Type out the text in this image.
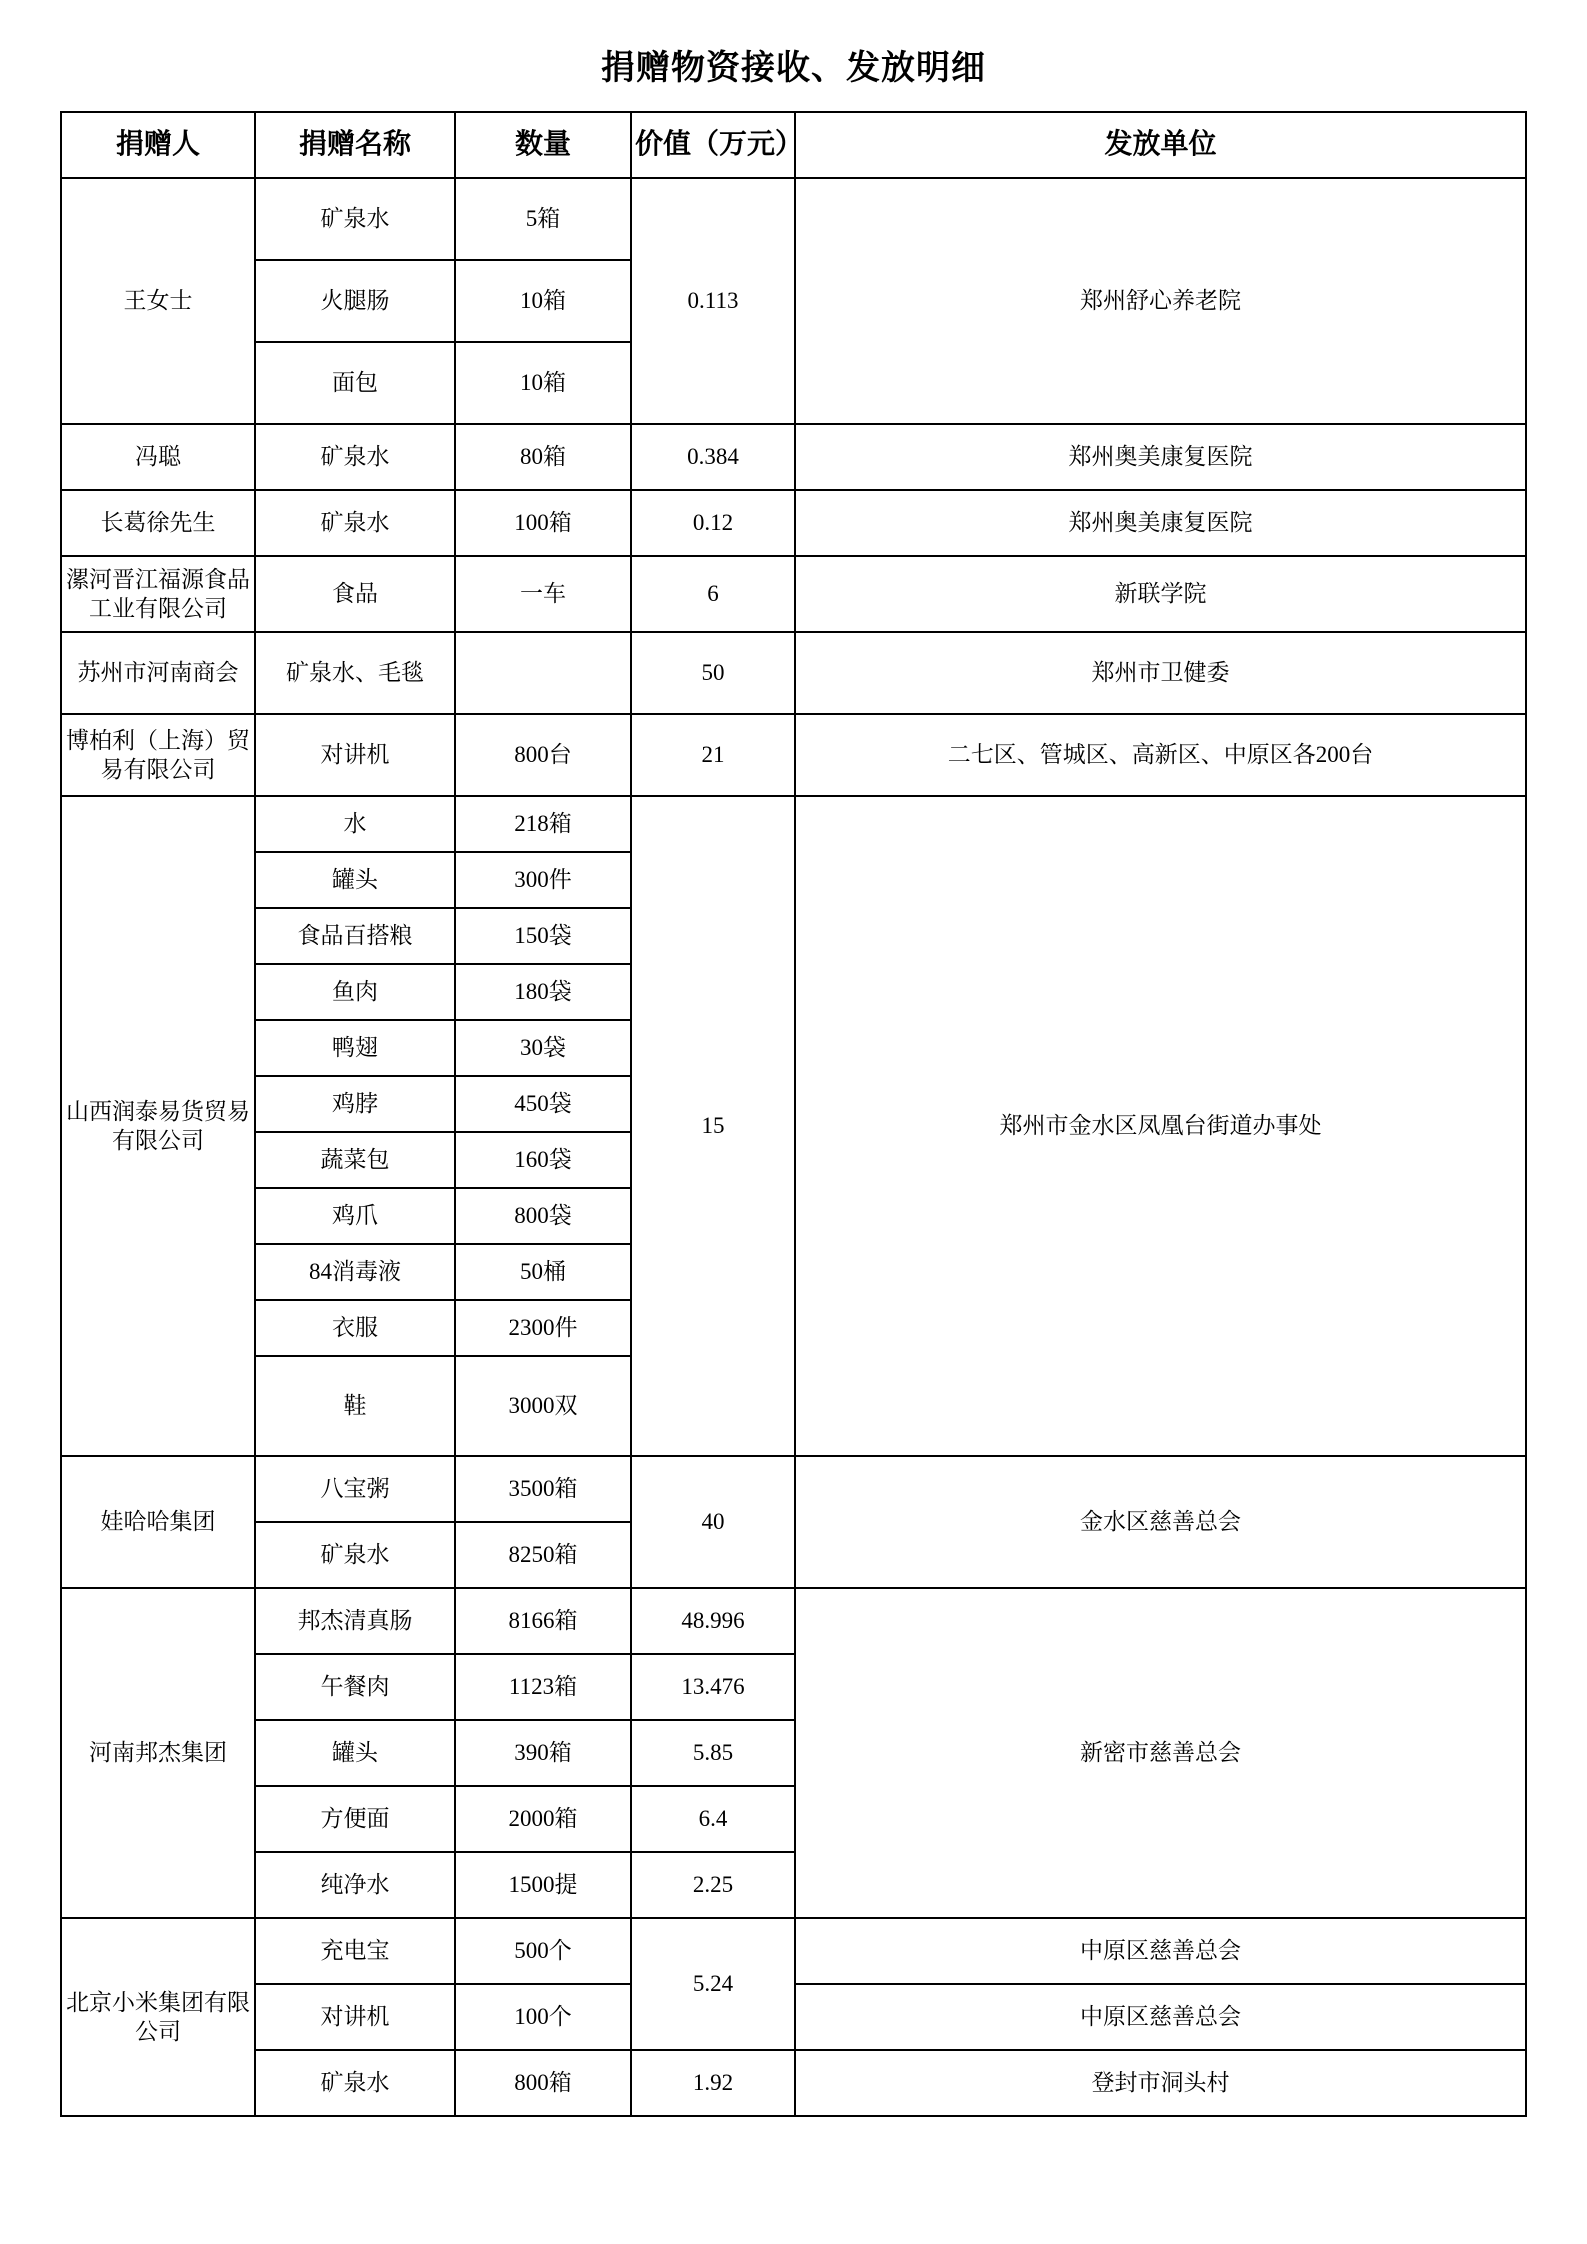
捐赠物资接收、发放明细
捐赠人	捐赠名称	数量	价值（万元）	发放单位
王女士	矿泉水	5箱	0.113	郑州舒心养老院
	火腿肠	10箱		
	面包	10箱		
冯聪	矿泉水	80箱	0.384	郑州奥美康复医院
长葛徐先生	矿泉水	100箱	0.12	郑州奥美康复医院
漯河晋江福源食品工业有限公司	食品	一车	6	新联学院
苏州市河南商会	矿泉水、毛毯		50	郑州市卫健委
博柏利（上海）贸易有限公司	对讲机	800台	21	二七区、管城区、高新区、中原区各200台
山西润泰易货贸易有限公司	水	218箱	15	郑州市金水区凤凰台街道办事处
	罐头	300件		
	食品百搭粮	150袋		
	鱼肉	180袋		
	鸭翅	30袋		
	鸡脖	450袋		
	蔬菜包	160袋		
	鸡爪	800袋		
	84消毒液	50桶		
	衣服	2300件		
	鞋	3000双		
娃哈哈集团	八宝粥	3500箱	40	金水区慈善总会
	矿泉水	8250箱		
河南邦杰集团	邦杰清真肠	8166箱	48.996	新密市慈善总会
	午餐肉	1123箱	13.476	
	罐头	390箱	5.85	
	方便面	2000箱	6.4	
	纯净水	1500提	2.25	
北京小米集团有限公司	充电宝	500个	5.24	中原区慈善总会
	对讲机	100个		中原区慈善总会
	矿泉水	800箱	1.92	登封市洞头村
